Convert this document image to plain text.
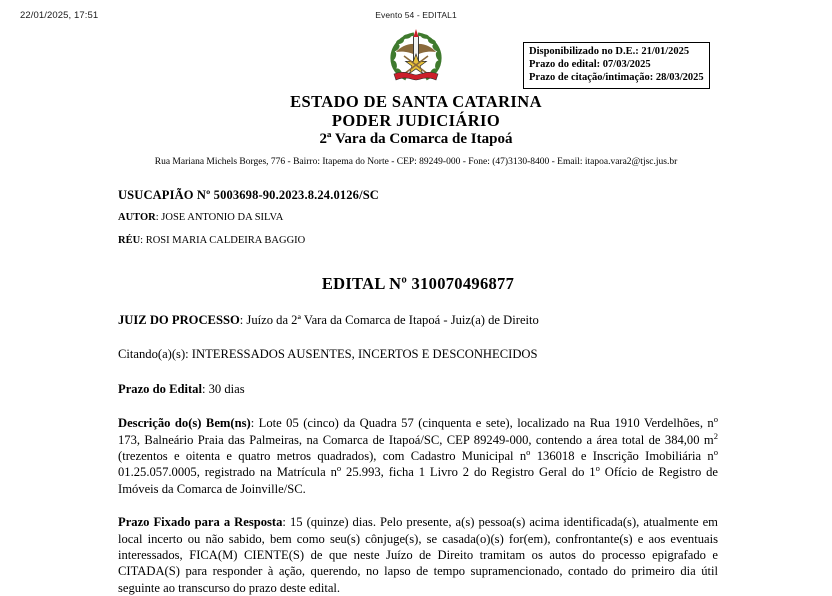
22/01/2025, 17:51	Evento 54 - EDITAL1
Disponibilizado no D.E.: 21/01/2025
Prazo do edital: 07/03/2025
Prazo de citação/intimação: 28/03/2025
ESTADO DE SANTA CATARINA
PODER JUDICIÁRIO
2ª Vara da Comarca de Itapoá
Rua Mariana Michels Borges, 776 - Bairro: Itapema do Norte - CEP: 89249-000 - Fone: (47)3130-8400 - Email: itapoa.vara2@tjsc.jus.br
USUCAPIÃO Nº 5003698-90.2023.8.24.0126/SC
AUTOR: JOSE ANTONIO DA SILVA
RÉU: ROSI MARIA CALDEIRA BAGGIO
EDITAL Nº 310070496877
JUIZ DO PROCESSO: Juízo da 2ª Vara da Comarca de Itapoá - Juiz(a) de Direito
Citando(a)(s): INTERESSADOS AUSENTES, INCERTOS E DESCONHECIDOS
Prazo do Edital: 30 dias
Descrição do(s) Bem(ns): Lote 05 (cinco) da Quadra 57 (cinquenta e sete), localizado na Rua 1910 Verdelhões, $n^o$ 173, Balneário Praia das Palmeiras, na Comarca de Itapoá/SC, CEP 89249-000, contendo a área total de 384,00 $m^2$ (trezentos e oitenta e quatro metros quadrados), com Cadastro Municipal $n^o$ 136018 e Inscrição Imobiliária $n^o$ 01.25.057.0005, registrado na Matrícula $n^o$ 25.993, ficha 1 Livro 2 do Registro Geral do 1$^o$ Ofício de Registro de Imóveis da Comarca de Joinville/SC.
Prazo Fixado para a Resposta: 15 (quinze) dias. Pelo presente, a(s) pessoa(s) acima identificada(s), atualmente em local incerto ou não sabido, bem como seu(s) cônjuge(s), se casada(o)(s) for(em), confrontante(s) e aos eventuais interessados, FICA(M) CIENTE(S) de que neste Juízo de Direito tramitam os autos do processo epigrafado e CITADA(S) para responder à ação, querendo, no lapso de tempo supramencionado, contado do primeiro dia útil seguinte ao transcurso do prazo deste edital.
